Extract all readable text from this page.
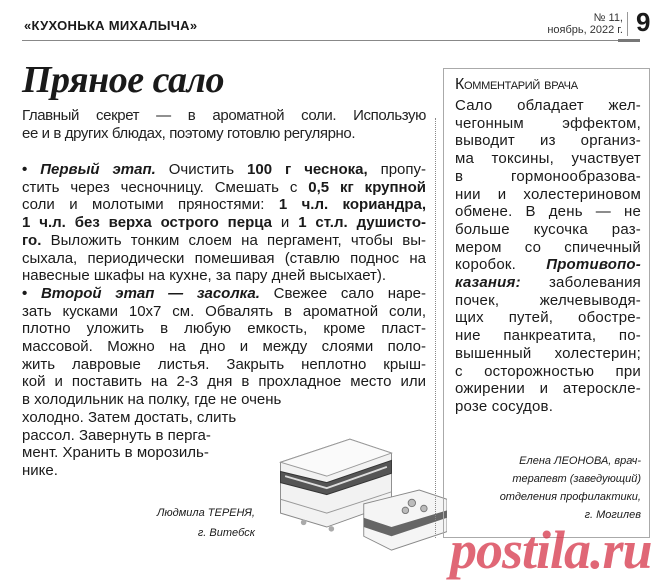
«КУХОНЬКА МИХАЛЫЧА»	№ 11,
ноябрь, 2022 г. 9
Пряное сало
Главный секрет — в ароматной соли. Использую
ее и в других блюдах, поэтому готовлю регулярно.
• Первый этап. Очистить 100 г чеснока, пропу-
стить через чесночницу. Смешать с 0,5 кг крупной
соли и молотыми пряностями: 1 ч.л. кориандра,
1 ч.л. без верха острого перца и 1 ст.л. душисто-
го. Выложить тонким слоем на пергамент, чтобы вы-
сыхала, периодически помешивая (ставлю поднос на
навесные шкафы на кухне, за пару дней высыхает).
• Второй этап — засолка. Свежее сало наре-
зать кусками 10х7 см. Обвалять в ароматной соли,
плотно уложить в любую емкость, кроме пласт-
массовой. Можно на дно и между слоями поло-
жить лавровые листья. Закрыть неплотно крыш-
кой и поставить на 2-3 дня в прохладное место или
в холодильник на полку, где не очень
холодно. Затем достать, слить
рассол. Завернуть в перга-
мент. Хранить в морозиль-
нике.
Людмила ТЕРЕНЯ,
г. Витебск
Комментарий врача
Сало обладает жел-
чегонным эффектом,
выводит из организ-
ма токсины, участвует
в гормонообразова-
нии и холестериновом
обмене. В день — не
больше кусочка раз-
мером со спичечный
коробок. Противопо-
казания: заболевания
почек, желчевыводя-
щих путей, обостре-
ние панкреатита, по-
вышенный холестерин;
с осторожностью при
ожирении и атероскле-
розе сосудов.
Елена ЛЕОНОВА, врач-
терапевт (заведующий)
отделения профилактики,
г. Могилев
postila.ru
